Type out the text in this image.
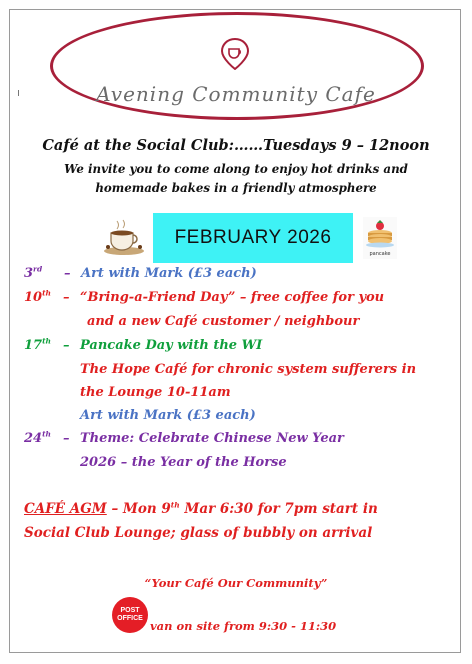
Avening Community Cafe
Café at the Social Club:……Tuesdays 9 – 12noon
We invite you to come along to enjoy hot drinks and
homemade bakes in a friendly atmosphere
FEBRUARY 2026
pancake
3rd – Art with Mark (£3 each)
10th – “Bring-a-Friend Day” – free coffee for you
and a new Café customer / neighbour
17th – Pancake Day with the WI
The Hope Café for chronic system sufferers in
the Lounge 10-11am
Art with Mark (£3 each)
24th – Theme: Celebrate Chinese New Year
2026 – the Year of the Horse
CAFÉ AGM – Mon 9th Mar 6:30 for 7pm start in
Social Club Lounge; glass of bubbly on arrival
“Your Café Our Community”
POST
OFFICE
van on site from 9:30 - 11:30
